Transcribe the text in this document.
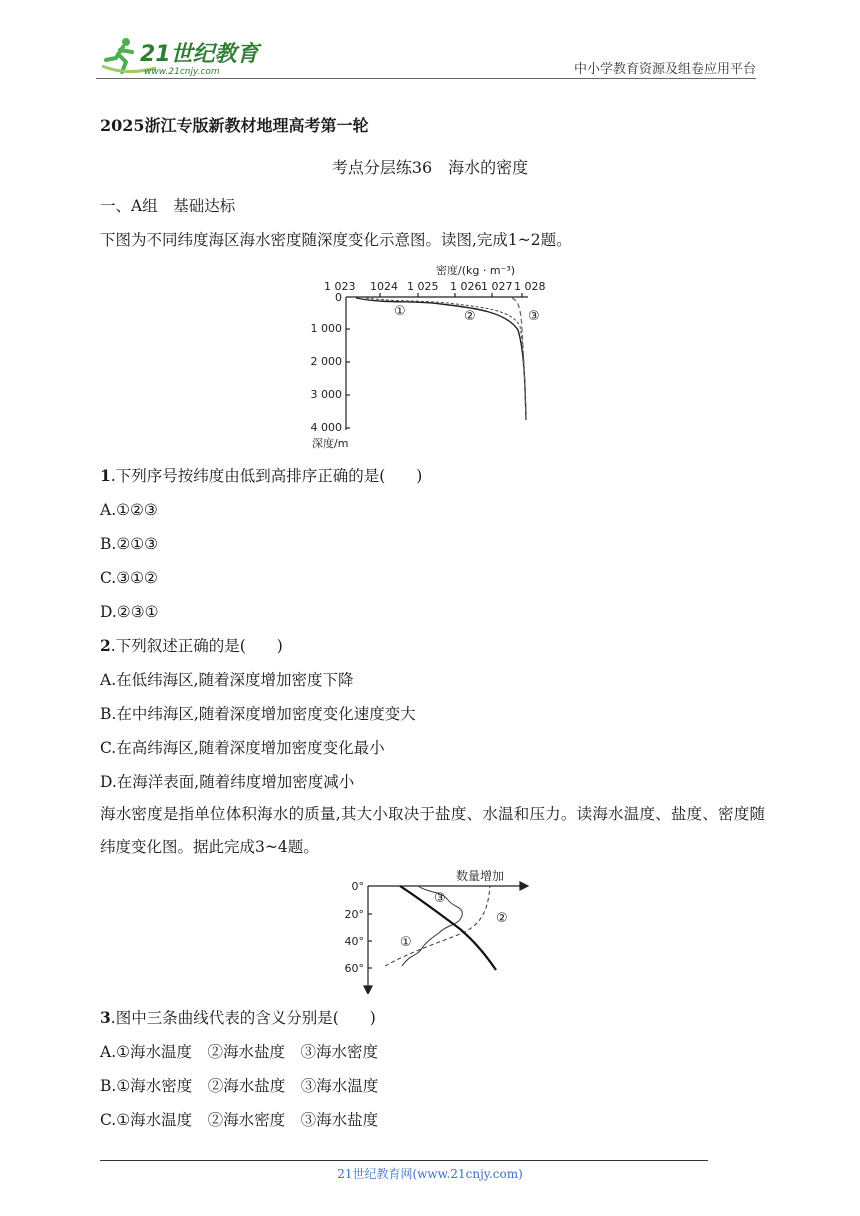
21世纪教育
www.21cnjy.com	中小学教育资源及组卷应用平台
2025浙江专版新教材地理高考第一轮
考点分层练36　海水的密度
一、A组　基础达标
下图为不同纬度海区海水密度随深度变化示意图。读图,完成1~2题。
密度/(kg · m⁻³)
1 023 1024 1 025 1 026 1 027 1 028
0
1 000
2 000
3 000
4 000
深度/m
①	②	③
1.下列序号按纬度由低到高排序正确的是(　　)
A.①②③
B.②①③
C.③①②
D.②③①
2.下列叙述正确的是(　　)
A.在低纬海区,随着深度增加密度下降
B.在中纬海区,随着深度增加密度变化速度变大
C.在高纬海区,随着深度增加密度变化最小
D.在海洋表面,随着纬度增加密度减小
海水密度是指单位体积海水的质量,其大小取决于盐度、水温和压力。读海水温度、盐度、密度随纬度变化图。据此完成3~4题。
数量增加
0°
20°
40°
60°
①
②
③
3.图中三条曲线代表的含义分别是(　　)
A.①海水温度　②海水盐度　③海水密度
B.①海水密度　②海水盐度　③海水温度
C.①海水温度　②海水密度　③海水盐度
21世纪教育网(www.21cnjy.com)
